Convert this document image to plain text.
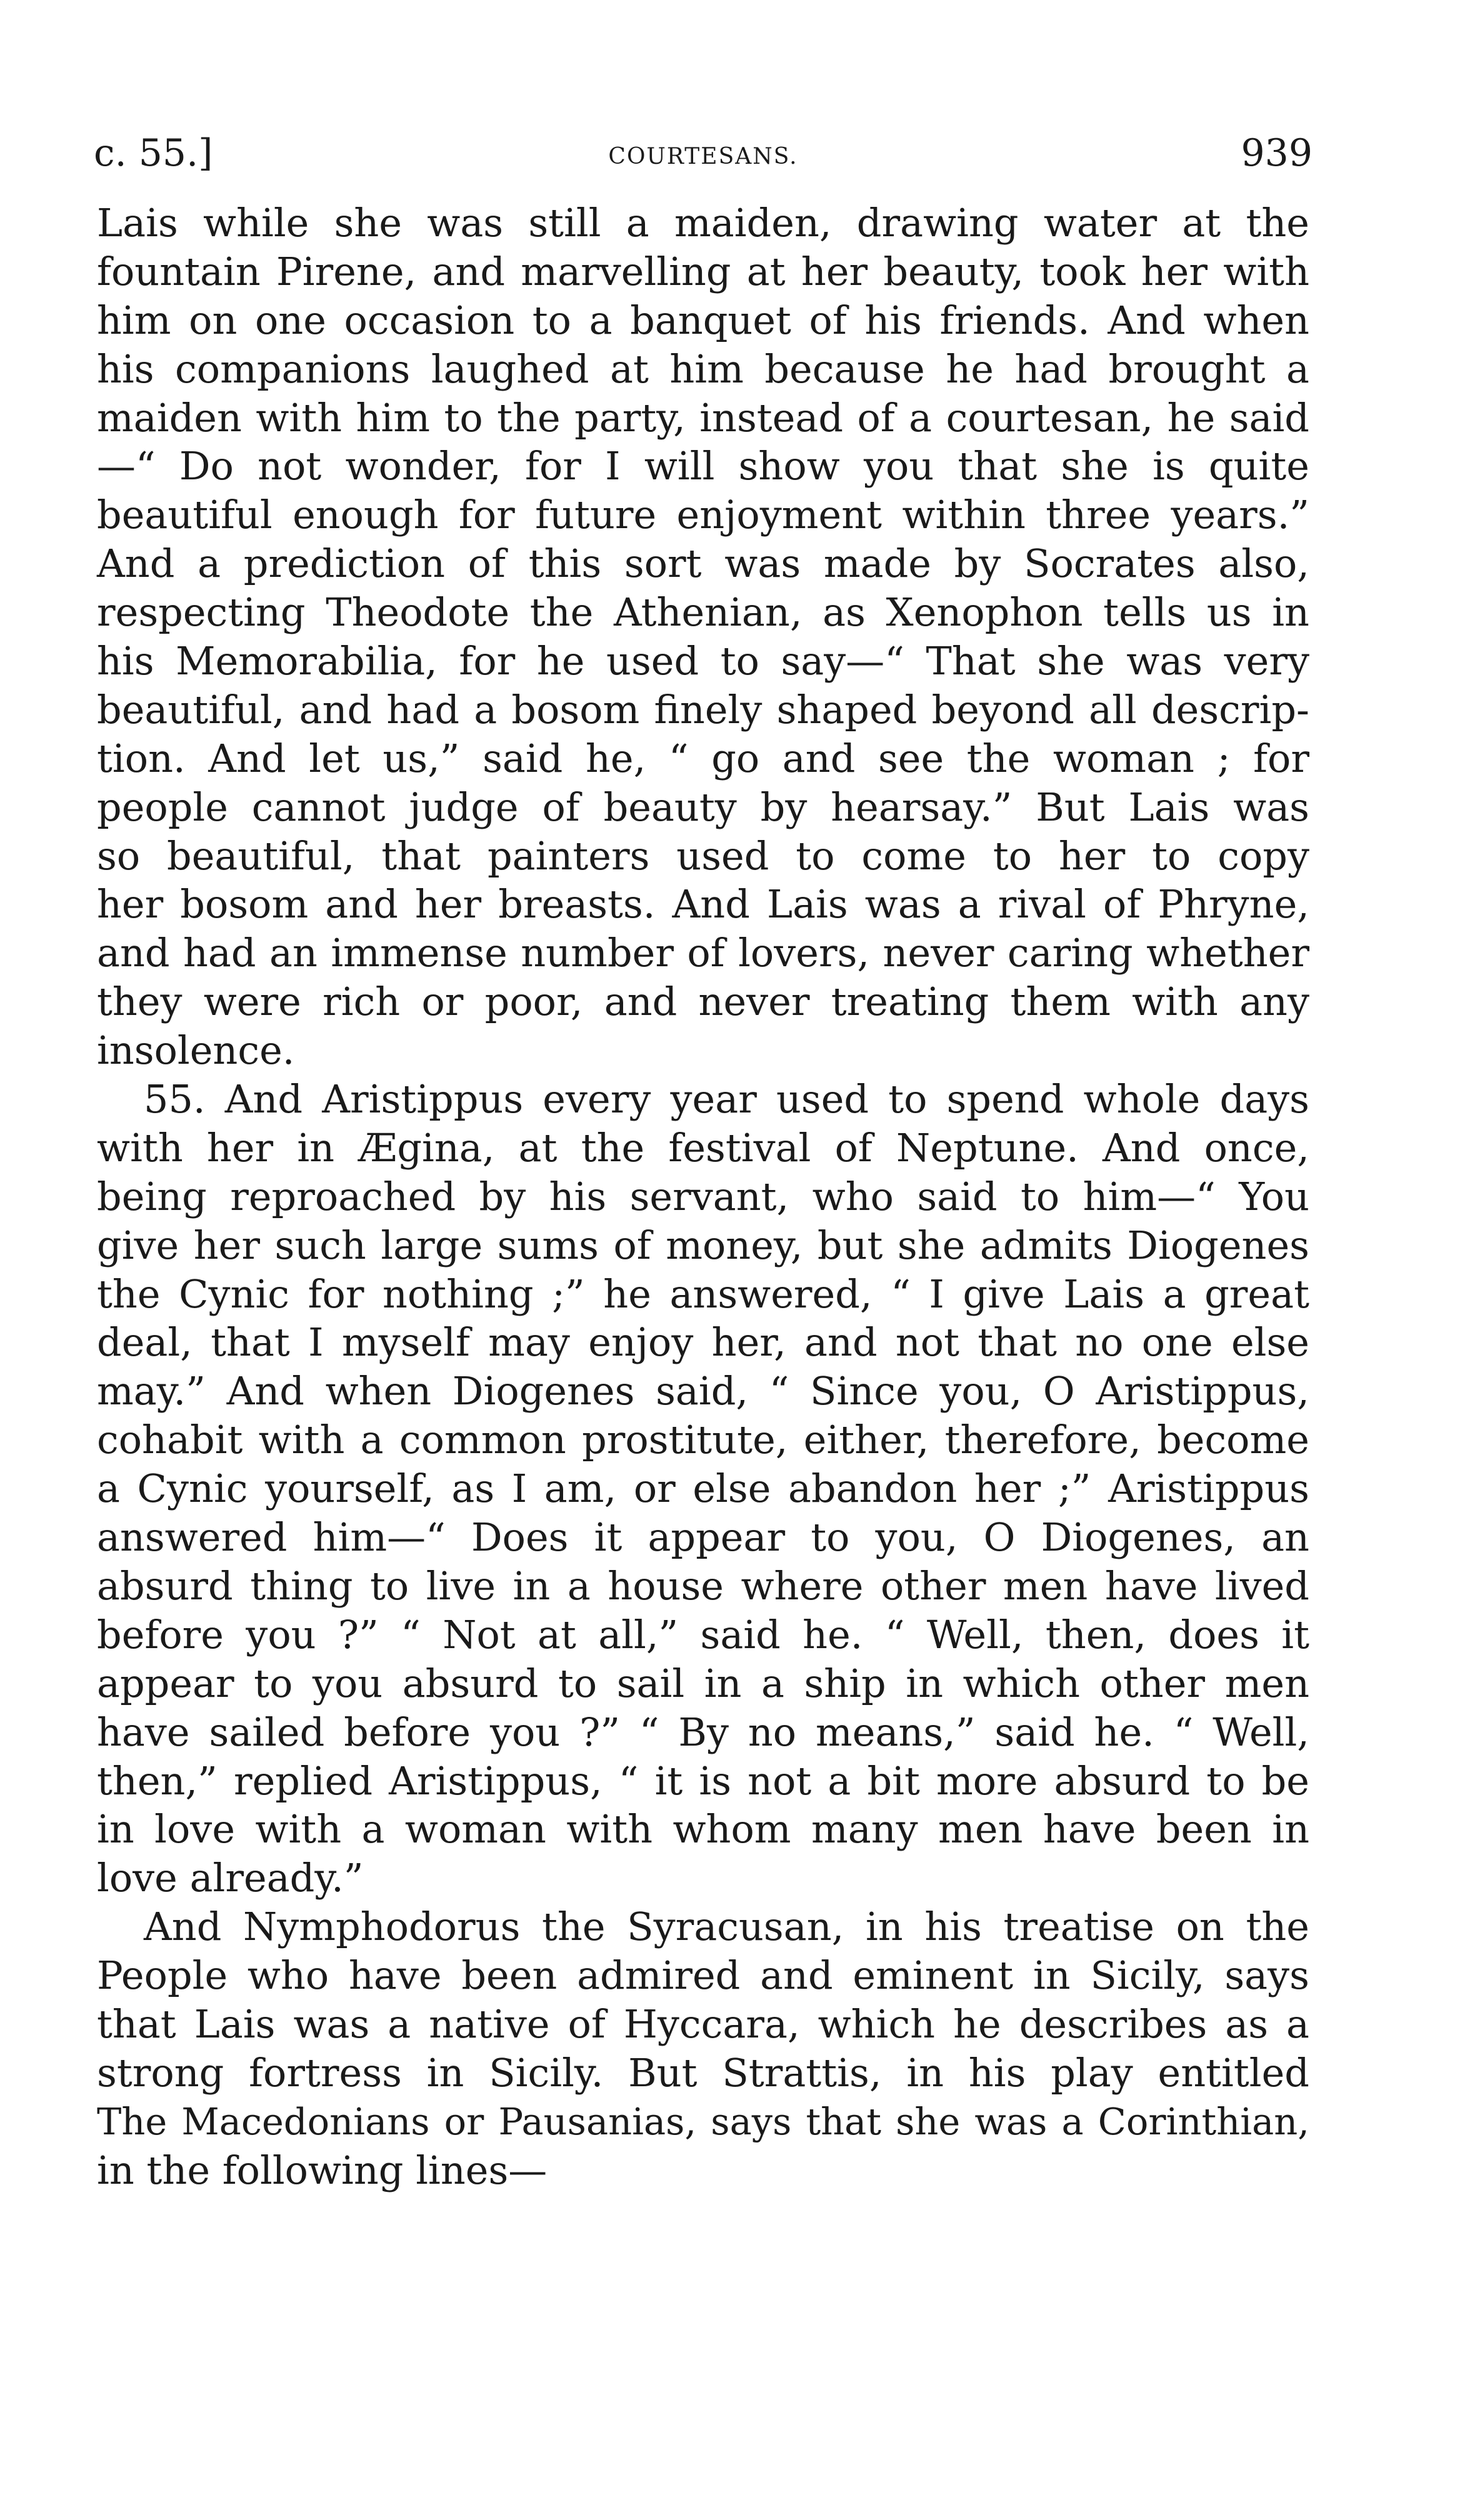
c. 55.]	COURTESANS.	939
Lais while she was still a maiden, drawing water at the
fountain Pirene, and marvelling at her beauty, took her with
him on one occasion to a banquet of his friends. And when
his companions laughed at him because he had brought a
maiden with him to the party, instead of a courtesan, he said
—“ Do not wonder, for I will show you that she is quite
beautiful enough for future enjoyment within three years.”
And a prediction of this sort was made by Socrates also,
respecting Theodote the Athenian, as Xenophon tells us in
his Memorabilia, for he used to say—“ That she was very
beautiful, and had a bosom finely shaped beyond all descrip-
tion. And let us,” said he, “ go and see the woman ; for
people cannot judge of beauty by hearsay.” But Lais was
so beautiful, that painters used to come to her to copy
her bosom and her breasts. And Lais was a rival of Phryne,
and had an immense number of lovers, never caring whether
they were rich or poor, and never treating them with any
insolence.
55. And Aristippus every year used to spend whole days
with her in Ægina, at the festival of Neptune. And once,
being reproached by his servant, who said to him—“ You
give her such large sums of money, but she admits Diogenes
the Cynic for nothing ;” he answered, “ I give Lais a great
deal, that I myself may enjoy her, and not that no one else
may.” And when Diogenes said, “ Since you, O Aristippus,
cohabit with a common prostitute, either, therefore, become
a Cynic yourself, as I am, or else abandon her ;” Aristippus
answered him—“ Does it appear to you, O Diogenes, an
absurd thing to live in a house where other men have lived
before you ?” “ Not at all,” said he. “ Well, then, does it
appear to you absurd to sail in a ship in which other men
have sailed before you ?” “ By no means,” said he. “ Well,
then,” replied Aristippus, “ it is not a bit more absurd to be
in love with a woman with whom many men have been in
love already.”
And Nymphodorus the Syracusan, in his treatise on the
People who have been admired and eminent in Sicily, says
that Lais was a native of Hyccara, which he describes as a
strong fortress in Sicily. But Strattis, in his play entitled
The Macedonians or Pausanias, says that she was a Corinthian,
in the following lines—
